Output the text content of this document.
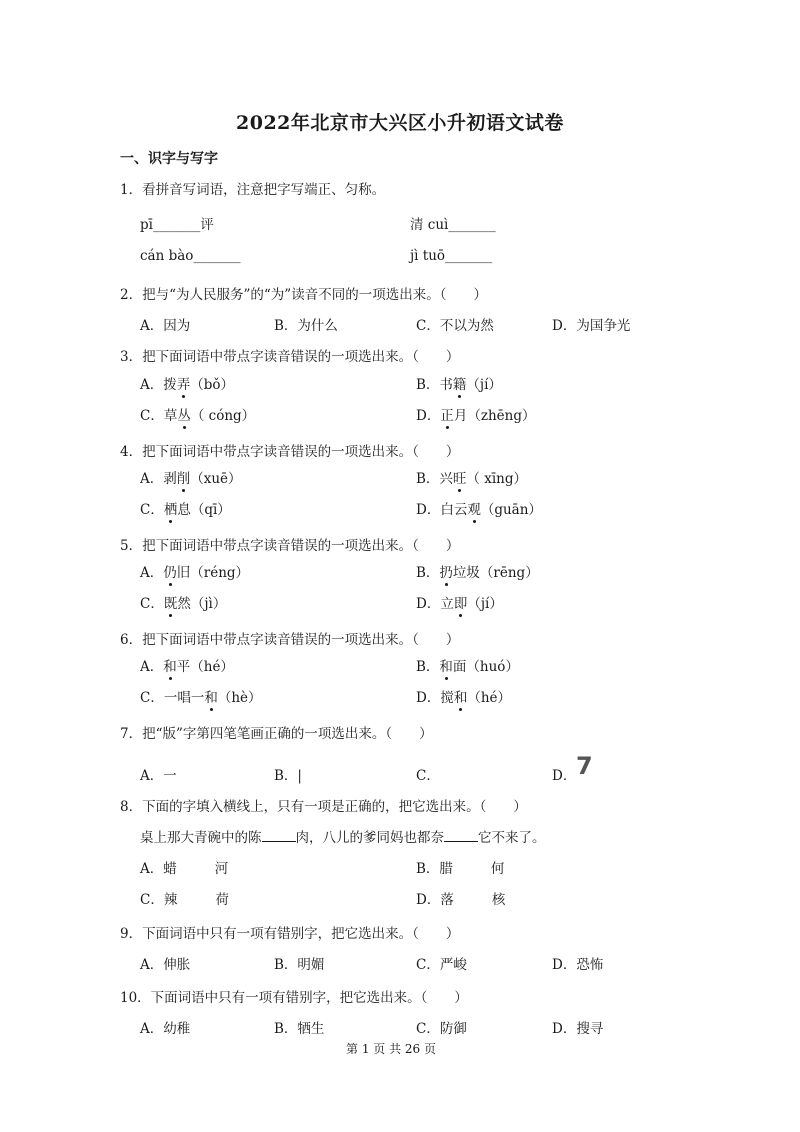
2022年北京市大兴区小升初语文试卷
一、识字与写字
1．看拼音写词语，注意把字写端正、匀称。
pī_______评	清 cuì_______
cán bào_______	jì tuō_______
2．把与“为人民服务”的“为”读音不同的一项选出来。（　　）
A．因为	B．为什么	C．不以为然	D．为国争光
3．把下面词语中带点字读音错误的一项选出来。（　　）
A．拨弄（bǒ）	B．书籍（jí）
C．草丛（ cóng）	D．正月（zhēng）
4．把下面词语中带点字读音错误的一项选出来。（　　）
A．剥削（xuē）	B．兴旺（ xīng）
C．栖息（qī）	D．白云观（guān）
5．把下面词语中带点字读音错误的一项选出来。（　　）
A．仍旧（réng）	B．扔垃圾（rēng）
C．既然（jì）	D．立即（jí）
6．把下面词语中带点字读音错误的一项选出来。（　　）
A．和平（hé）	B．和面（huó）
C．一唱一和（hè）	D．搅和（hé）
7．把“版”字第四笔笔画正确的一项选出来。（　　）
A．一	B．|	C．	D． 7
8．下面的字填入横线上，只有一项是正确的，把它选出来。（　　）
桌上那大青碗中的陈	肉，八儿的爹同妈也都奈	它不来了。
A．蜡	河	B．腊	何
C．辣	荷	D．落	核
9．下面词语中只有一项有错别字，把它选出来。（　　）
A．伸胀	B．明媚	C．严峻	D．恐怖
10．下面词语中只有一项有错别字，把它选出来。（　　）
A．幼稚	B．牺生	C．防御	D．搜寻
第 1 页 共 26 页
